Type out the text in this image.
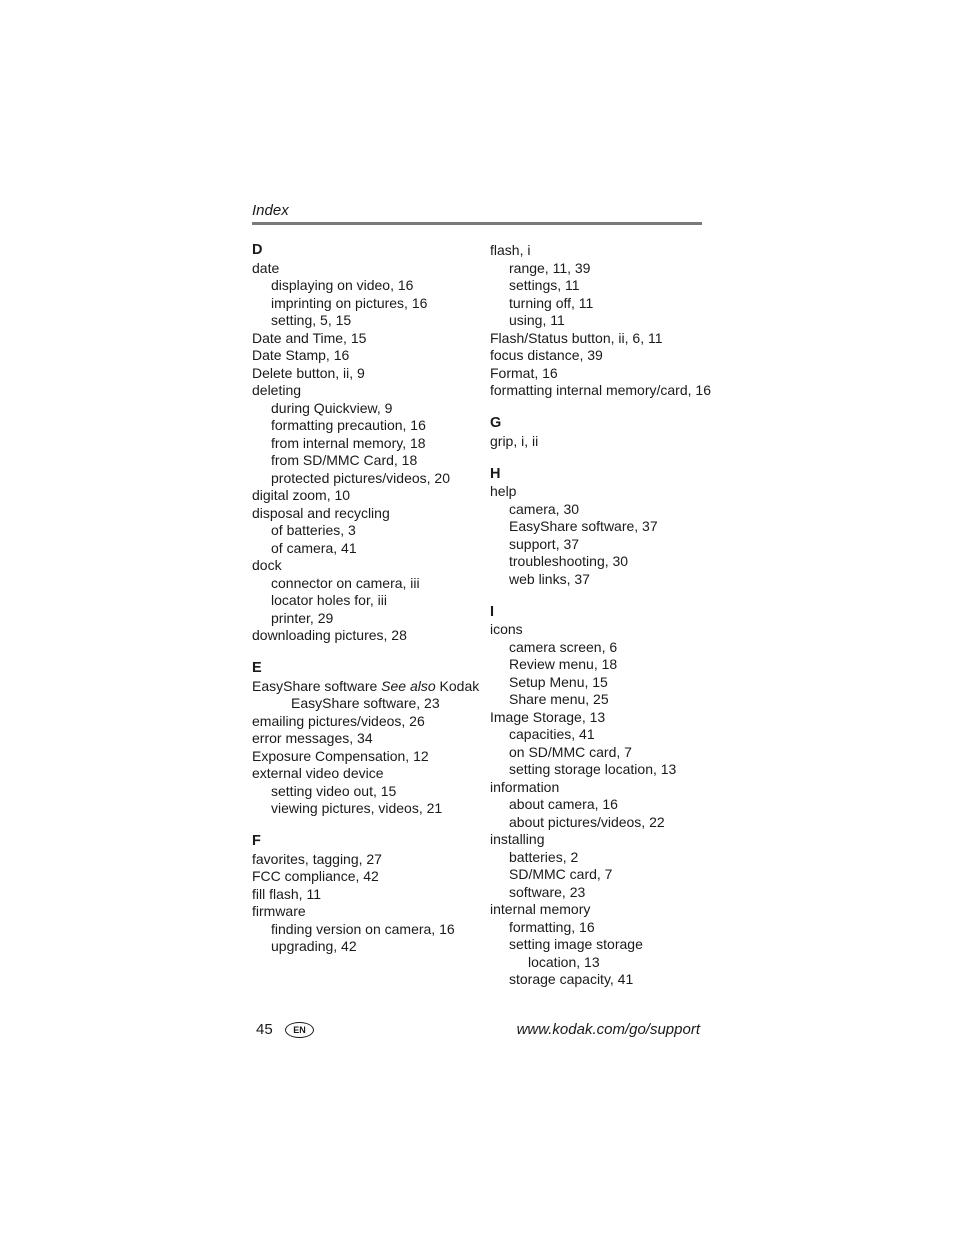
Index
D
date
displaying on video, 16
imprinting on pictures, 16
setting, 5, 15
Date and Time, 15
Date Stamp, 16
Delete button, ii, 9
deleting
during Quickview, 9
formatting precaution, 16
from internal memory, 18
from SD/MMC Card, 18
protected pictures/videos, 20
digital zoom, 10
disposal and recycling
of batteries, 3
of camera, 41
dock
connector on camera, iii
locator holes for, iii
printer, 29
downloading pictures, 28
E
EasyShare software See also Kodak
EasyShare software, 23
emailing pictures/videos, 26
error messages, 34
Exposure Compensation, 12
external video device
setting video out, 15
viewing pictures, videos, 21
F
favorites, tagging, 27
FCC compliance, 42
fill flash, 11
firmware
finding version on camera, 16
upgrading, 42
flash, i
range, 11, 39
settings, 11
turning off, 11
using, 11
Flash/Status button, ii, 6, 11
focus distance, 39
Format, 16
formatting internal memory/card, 16
G
grip, i, ii
H
help
camera, 30
EasyShare software, 37
support, 37
troubleshooting, 30
web links, 37
I
icons
camera screen, 6
Review menu, 18
Setup Menu, 15
Share menu, 25
Image Storage, 13
capacities, 41
on SD/MMC card, 7
setting storage location, 13
information
about camera, 16
about pictures/videos, 22
installing
batteries, 2
SD/MMC card, 7
software, 23
internal memory
formatting, 16
setting image storage
location, 13
storage capacity, 41
45	EN	www.kodak.com/go/support
